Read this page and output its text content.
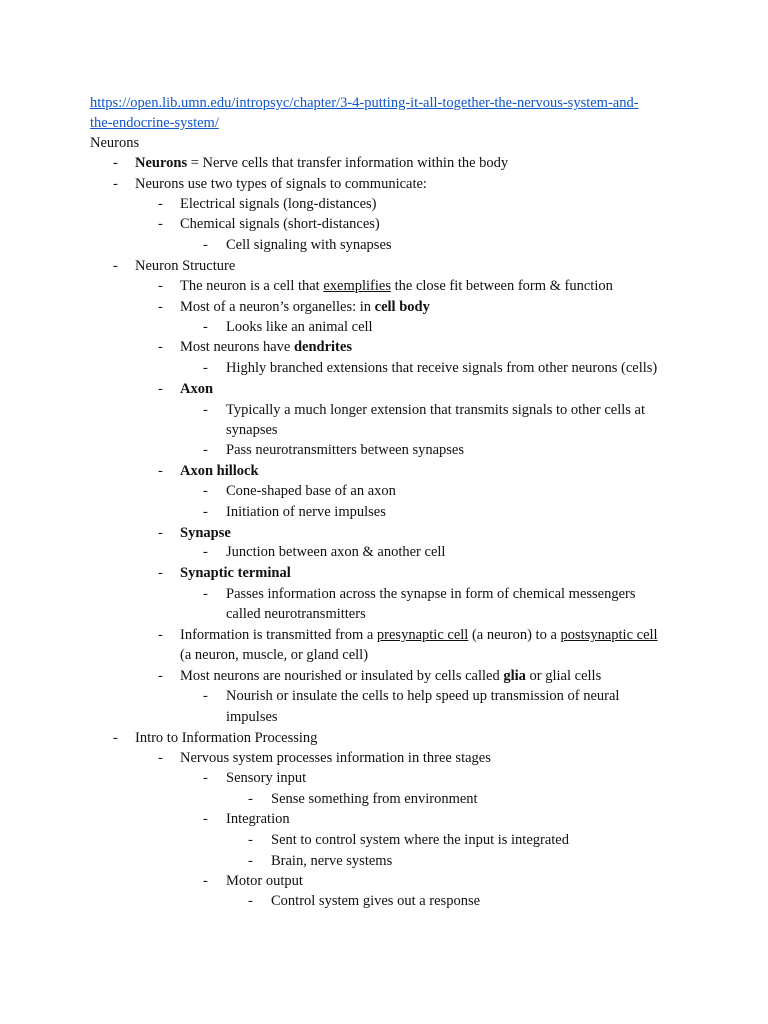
https://open.lib.umn.edu/intropsyc/chapter/3-4-putting-it-all-together-the-nervous-system-and-
the-endocrine-system/
Neurons
- Neurons = Nerve cells that transfer information within the body
- Neurons use two types of signals to communicate:
- Electrical signals (long-distances)
- Chemical signals (short-distances)
- Cell signaling with synapses
- Neuron Structure
- The neuron is a cell that exemplifies the close fit between form & function
- Most of a neuron’s organelles: in cell body
- Looks like an animal cell
- Most neurons have dendrites
- Highly branched extensions that receive signals from other neurons (cells)
- Axon
- Typically a much longer extension that transmits signals to other cells at
synapses
- Pass neurotransmitters between synapses
- Axon hillock
- Cone-shaped base of an axon
- Initiation of nerve impulses
- Synapse
- Junction between axon & another cell
- Synaptic terminal
- Passes information across the synapse in form of chemical messengers
called neurotransmitters
- Information is transmitted from a presynaptic cell (a neuron) to a postsynaptic cell
(a neuron, muscle, or gland cell)
- Most neurons are nourished or insulated by cells called glia or glial cells
- Nourish or insulate the cells to help speed up transmission of neural
impulses
- Intro to Information Processing
- Nervous system processes information in three stages
- Sensory input
- Sense something from environment
- Integration
- Sent to control system where the input is integrated
- Brain, nerve systems
- Motor output
- Control system gives out a response
